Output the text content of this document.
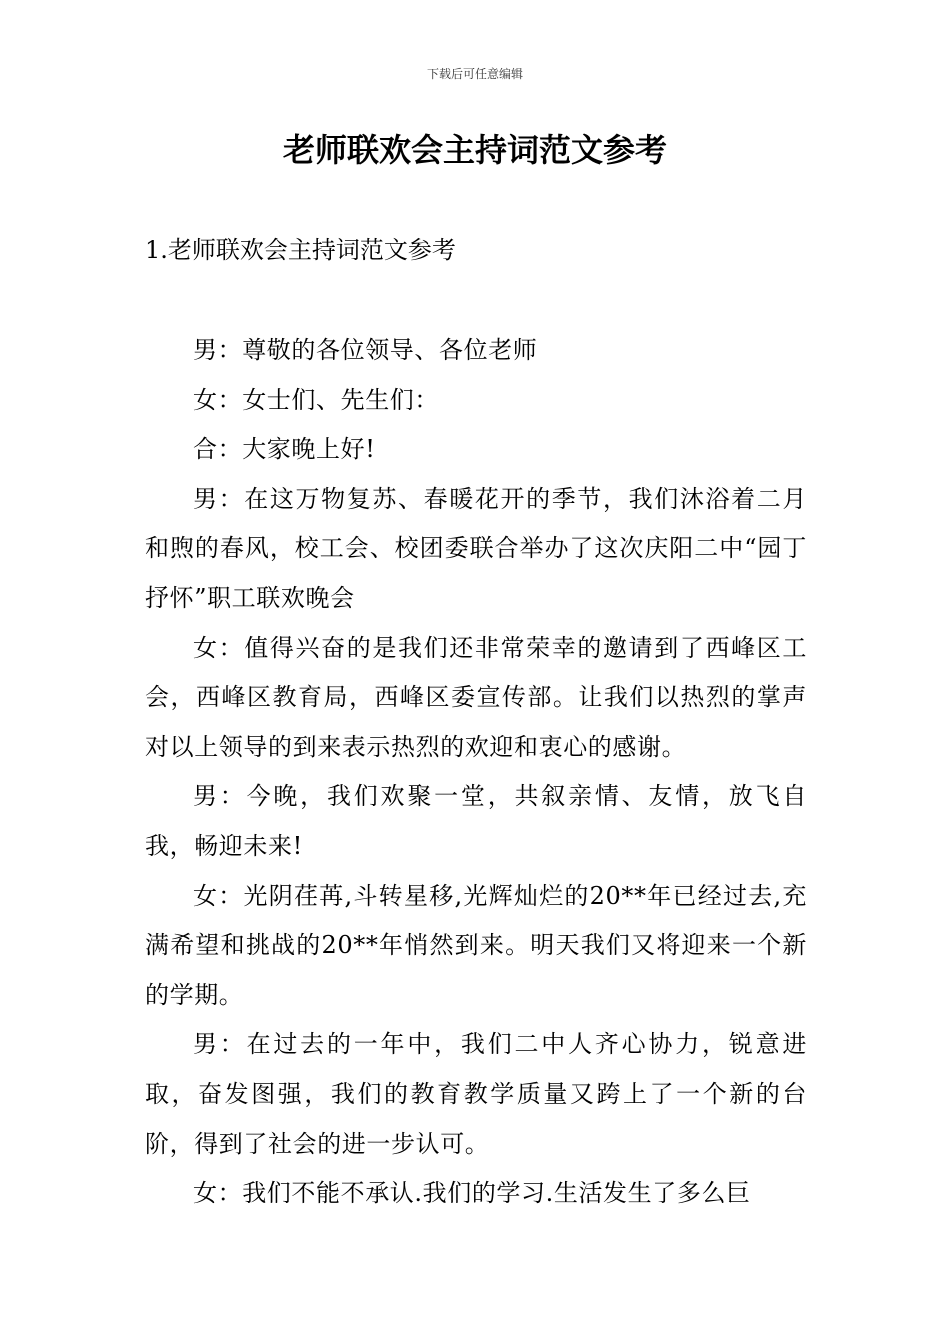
下载后可任意编辑
老师联欢会主持词范文参考
1.老师联欢会主持词范文参考

男：尊敬的各位领导、各位老师

女：女士们、先生们：

合：大家晚上好!

男：在这万物复苏、春暖花开的季节，我们沐浴着二月和煦的春风，校工会、校团委联合举办了这次庆阳二中“园丁抒怀”职工联欢晚会

女：值得兴奋的是我们还非常荣幸的邀请到了西峰区工会，西峰区教育局，西峰区委宣传部。让我们以热烈的掌声对以上领导的到来表示热烈的欢迎和衷心的感谢。

男：今晚，我们欢聚一堂，共叙亲情、友情，放飞自我，畅迎未来!

女：光阴荏苒,斗转星移,光辉灿烂的20**年已经过去,充满希望和挑战的20**年悄然到来。明天我们又将迎来一个新的学期。

男：在过去的一年中，我们二中人齐心协力，锐意进取，奋发图强，我们的教育教学质量又跨上了一个新的台阶，得到了社会的进一步认可。

女：我们不能不承认.我们的学习.生活发生了多么巨
